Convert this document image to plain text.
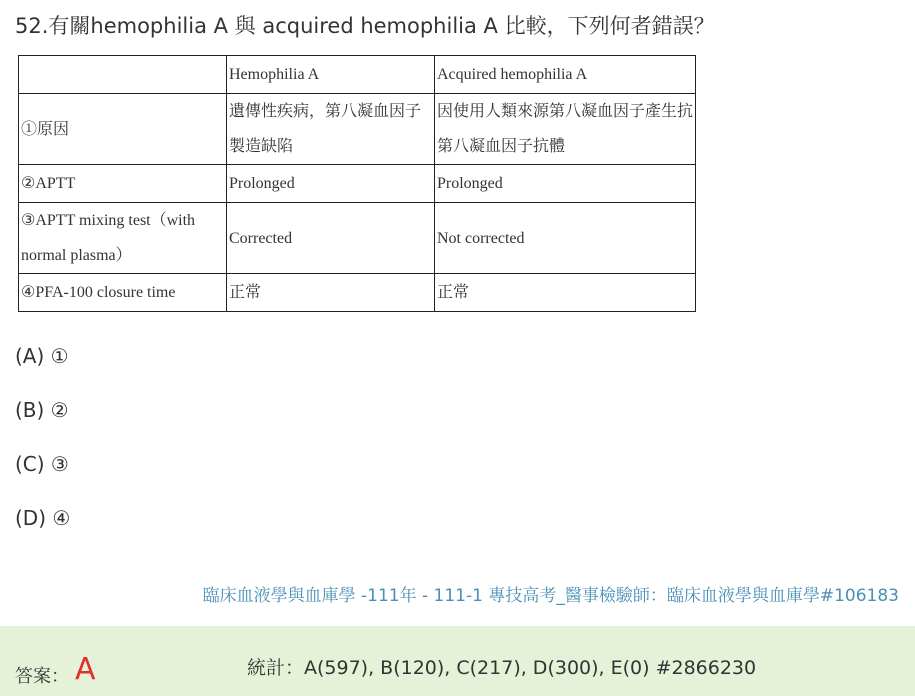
52.有關hemophilia A 與 acquired hemophilia A 比較，下列何者錯誤？
	Hemophilia A	Acquired hemophilia A
①原因	遺傳性疾病，第八凝血因子製造缺陷	因使用人類來源第八凝血因子產生抗第八凝血因子抗體
②APTT	Prolonged	Prolonged
③APTT mixing test（with normal plasma）	Corrected	Not corrected
④PFA-100 closure time	正常	正常
(A) ①
(B) ②
(C) ③
(D) ④
臨床血液學與血庫學 -111年 - 111-1 專技高考_醫事檢驗師：臨床血液學與血庫學#106183
答案： A	統計：A(597), B(120), C(217), D(300), E(0) #2866230
